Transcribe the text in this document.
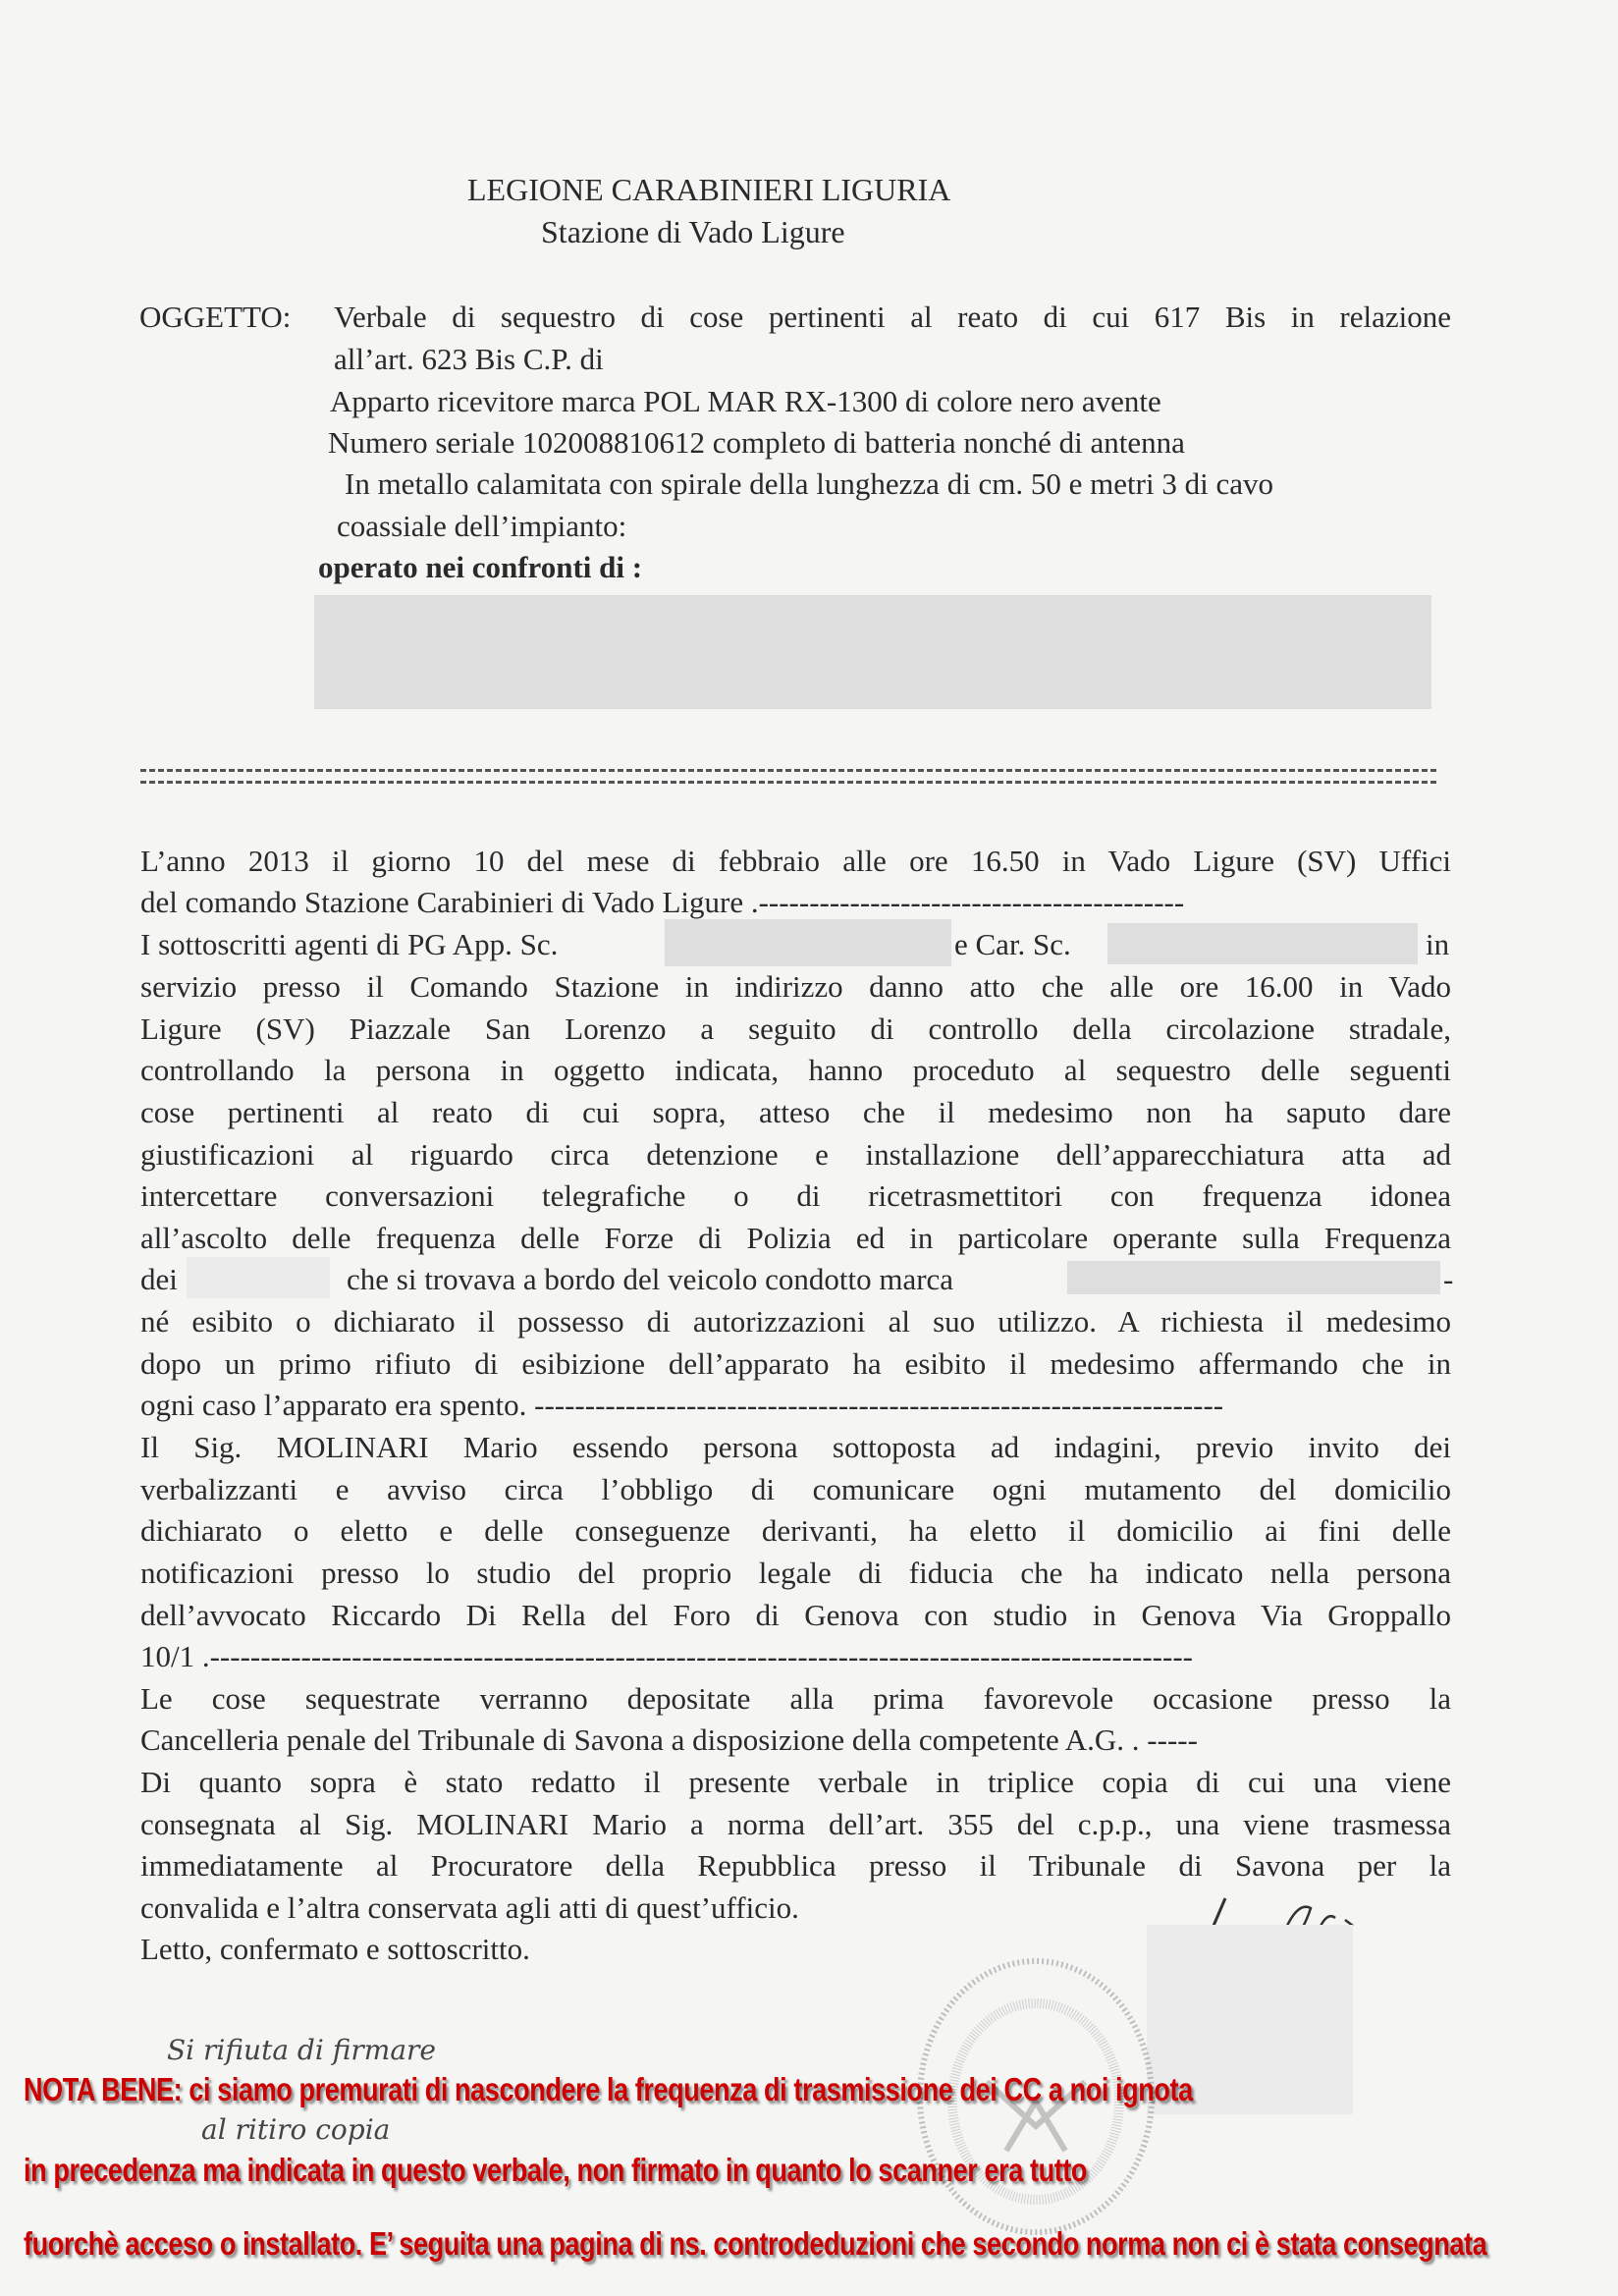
LEGIONE CARABINIERI LIGURIA
Stazione di Vado Ligure
OGGETTO: Verbale di sequestro di cose pertinenti al reato di cui 617 Bis in relazione
all’art. 623 Bis C.P. di
Apparto ricevitore marca POL MAR RX-1300 di colore nero avente
Numero seriale 102008810612 completo di batteria nonché di antenna
In metallo calamitata con spirale della lunghezza di cm. 50 e metri 3 di cavo
coassiale dell’impianto:
operato nei confronti di :
L’anno 2013 il giorno 10 del mese di febbraio alle ore 16.50 in Vado Ligure (SV) Uffici
del comando Stazione Carabinieri di Vado Ligure .------------------------------------------
I sottoscritti agenti di PG App. Sc.	e Car. Sc.	in
servizio presso il Comando Stazione in indirizzo danno atto che alle ore 16.00 in Vado
Ligure (SV) Piazzale San Lorenzo a seguito di controllo della circolazione stradale,
controllando la persona in oggetto indicata, hanno proceduto al sequestro delle seguenti
cose pertinenti al reato di cui sopra, atteso che il medesimo non ha saputo dare
giustificazioni al riguardo circa detenzione e installazione dell’apparecchiatura atta ad
intercettare conversazioni telegrafiche o di ricetrasmettitori con frequenza idonea
all’ascolto delle frequenza delle Forze di Polizia ed in particolare operante sulla Frequenza
dei	che si trovava a bordo del veicolo condotto marca	-
né esibito o dichiarato il possesso di autorizzazioni al suo utilizzo. A richiesta il medesimo
dopo un primo rifiuto di esibizione dell’apparato ha esibito il medesimo affermando che in
ogni caso l’apparato era spento. --------------------------------------------------------------------
Il Sig. MOLINARI Mario essendo persona sottoposta ad indagini, previo invito dei
verbalizzanti e avviso circa l’obbligo di comunicare ogni mutamento del domicilio
dichiarato o eletto e delle conseguenze derivanti, ha eletto il domicilio ai fini delle
notificazioni presso lo studio del proprio legale di fiducia che ha indicato nella persona
dell’avvocato Riccardo Di Rella del Foro di Genova con studio in Genova Via Groppallo
10/1 .-------------------------------------------------------------------------------------------------
Le cose sequestrate verranno depositate alla prima favorevole occasione presso la
Cancelleria penale del Tribunale di Savona a disposizione della competente A.G. . -----
Di quanto sopra è stato redatto il presente verbale in triplice copia di cui una viene
consegnata al Sig. MOLINARI Mario a norma dell’art. 355 del c.p.p., una viene trasmessa
immediatamente al Procuratore della Repubblica presso il Tribunale di Savona per la
convalida e l’altra conservata agli atti di quest’ufficio.
Letto, confermato e sottoscritto.
Si rifiuta di firmare
al ritiro copia
NOTA BENE: ci siamo premurati di nascondere la frequenza di trasmissione dei CC a noi ignota
in precedenza ma indicata in questo verbale, non firmato in quanto lo scanner era tutto
fuorchè acceso o installato. E’ seguita una pagina di ns. controdeduzioni che secondo norma non ci è stata consegnata
